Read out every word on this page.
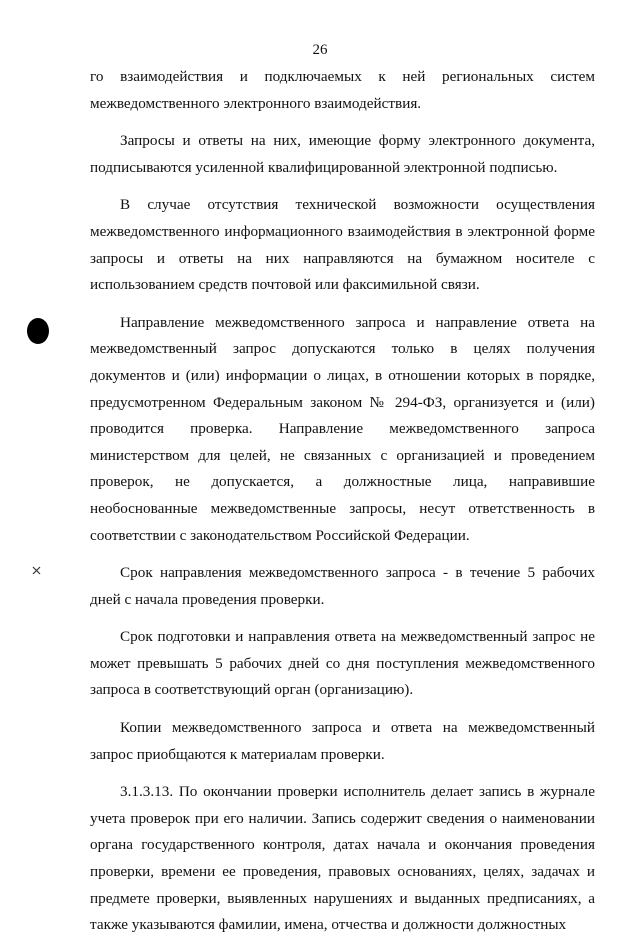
26

го взаимодействия и подключаемых к ней региональных систем межведомственного электронного взаимодействия.

Запросы и ответы на них, имеющие форму электронного документа, подписываются усиленной квалифицированной электронной подписью.

В случае отсутствия технической возможности осуществления межведомственного информационного взаимодействия в электронной форме запросы и ответы на них направляются на бумажном носителе с использованием средств почтовой или факсимильной связи.

Направление межведомственного запроса и направление ответа на межведомственный запрос допускаются только в целях получения документов и (или) информации о лицах, в отношении которых в порядке, предусмотренном Федеральным законом № 294-ФЗ, организуется и (или) проводится проверка. Направление межведомственного запроса министерством для целей, не связанных с организацией и проведением проверок, не допускается, а должностные лица, направившие необоснованные межведомственные запросы, несут ответственность в соответствии с законодательством Российской Федерации.

Срок направления межведомственного запроса - в течение 5 рабочих дней с начала проведения проверки.

Срок подготовки и направления ответа на межведомственный запрос не может превышать 5 рабочих дней со дня поступления межведомственного запроса в соответствующий орган (организацию).

Копии межведомственного запроса и ответа на межведомственный запрос приобщаются к материалам проверки.

3.1.3.13. По окончании проверки исполнитель делает запись в журнале учета проверок при его наличии. Запись содержит сведения о наименовании органа государственного контроля, датах начала и окончания проведения проверки, времени ее проведения, правовых основаниях, целях, задачах и предмете проверки, выявленных нарушениях и выданных предписаниях, а также указываются фамилии, имена, отчества и должности должностных
